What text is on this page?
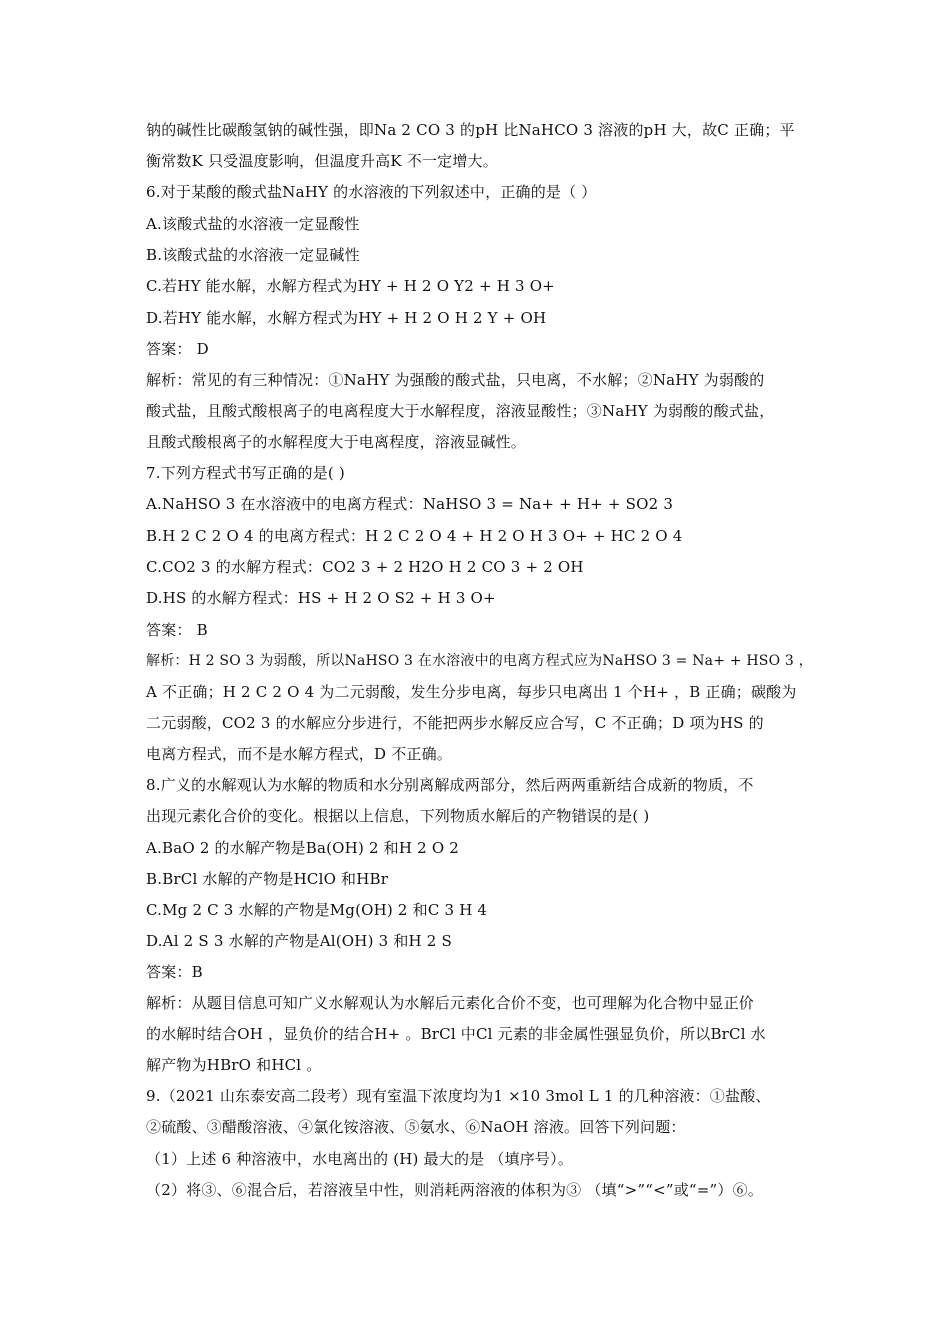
钠的碱性比碳酸氢钠的碱性强，即Na 2 CO 3 的pH 比NaHCO 3 溶液的pH 大，故C 正确；平
衡常数K 只受温度影响，但温度升高K 不一定增大。
6.对于某酸的酸式盐NaHY 的水溶液的下列叙述中，正确的是（ ）
A.该酸式盐的水溶液一定显酸性
B.该酸式盐的水溶液一定显碱性
C.若HY 能水解，水解方程式为HY + H 2 O Y2 + H 3 O+
D.若HY 能水解，水解方程式为HY + H 2 O H 2 Y + OH
答案： D
解析：常见的有三种情况：①NaHY 为强酸的酸式盐，只电离，不水解；②NaHY 为弱酸的
酸式盐，且酸式酸根离子的电离程度大于水解程度，溶液显酸性；③NaHY 为弱酸的酸式盐，
且酸式酸根离子的水解程度大于电离程度，溶液显碱性。
7.下列方程式书写正确的是( )
A.NaHSO 3 在水溶液中的电离方程式：NaHSO 3 = Na+ + H+ + SO2 3
B.H 2 C 2 O 4 的电离方程式：H 2 C 2 O 4 + H 2 O H 3 O+ + HC 2 O 4
C.CO2 3 的水解方程式：CO2 3 + 2 H2O H 2 CO 3 + 2 OH
D.HS 的水解方程式：HS + H 2 O S2 + H 3 O+
答案： B
解析：H 2 SO 3 为弱酸，所以NaHSO 3 在水溶液中的电离方程式应为NaHSO 3 = Na+ + HSO 3 ，
A 不正确；H 2 C 2 O 4 为二元弱酸，发生分步电离，每步只电离出 1 个H+ ，B 正确；碳酸为
二元弱酸，CO2 3 的水解应分步进行，不能把两步水解反应合写，C 不正确；D 项为HS 的
电离方程式，而不是水解方程式，D 不正确。
8.广义的水解观认为水解的物质和水分别离解成两部分，然后两两重新结合成新的物质，不
出现元素化合价的变化。根据以上信息，下列物质水解后的产物错误的是( )
A.BaO 2 的水解产物是Ba(OH) 2 和H 2 O 2
B.BrCl 水解的产物是HClO 和HBr
C.Mg 2 C 3 水解的产物是Mg(OH) 2 和C 3 H 4
D.Al 2 S 3 水解的产物是Al(OH) 3 和H 2 S
答案：B
解析：从题目信息可知广义水解观认为水解后元素化合价不变，也可理解为化合物中显正价
的水解时结合OH ，显负价的结合H+ 。BrCl 中Cl 元素的非金属性强显负价，所以BrCl 水
解产物为HBrO 和HCl 。
9.（2021 山东泰安高二段考）现有室温下浓度均为1 ×10 3mol L 1 的几种溶液：①盐酸、
②硫酸、③醋酸溶液、④氯化铵溶液、⑤氨水、⑥NaOH 溶液。回答下列问题：
（1）上述 6 种溶液中，水电离出的 (H) 最大的是 （填序号）。
（2）将③、⑥混合后，若溶液呈中性，则消耗两溶液的体积为③ （填“>”“<”或“=”）⑥。
